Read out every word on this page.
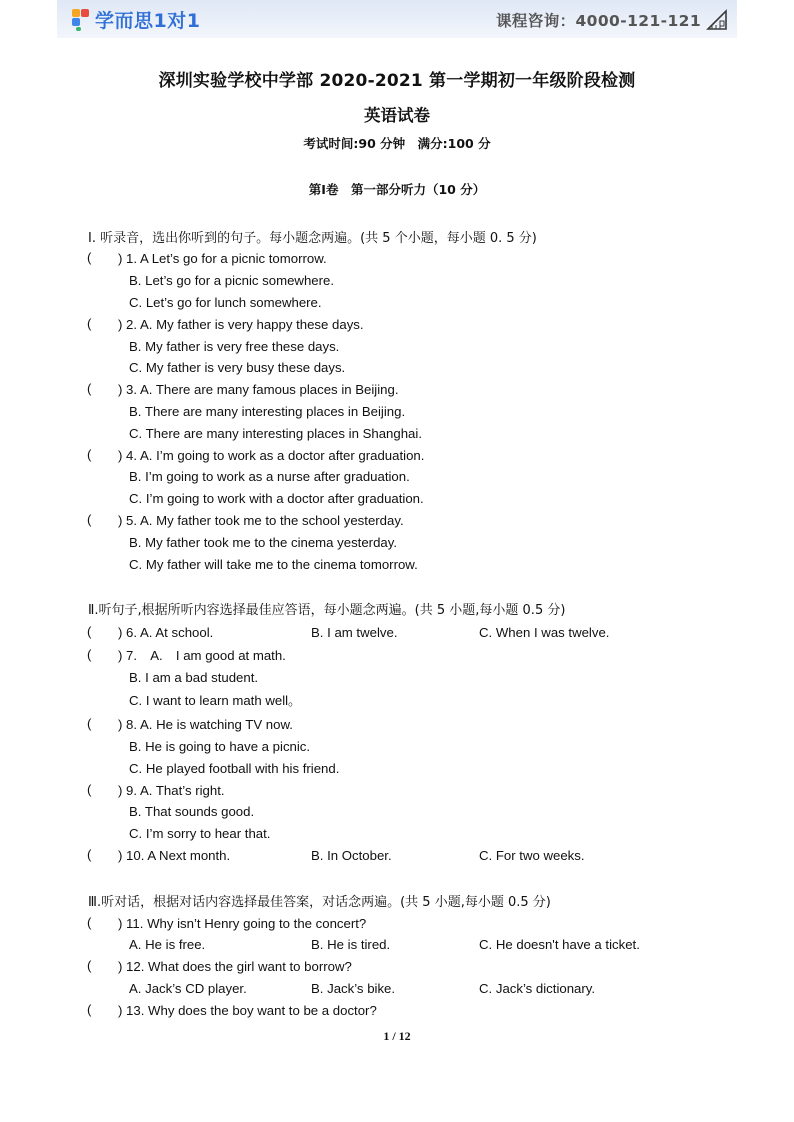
学而思1对1	课程咨询：4000-121-121
深圳实验学校中学部 2020-2021 第一学期初一年级阶段检测
英语试卷
考试时间:90 分钟　满分:100 分
第Ⅰ卷　第一部分听力（10 分）
Ⅰ. 听录音，选出你听到的句子。每小题念两遍。(共 5 个小题，每小题 0. 5 分)
( ) 1. A Let’s go for a picnic tomorrow.
B. Let’s go for a picnic somewhere.
C. Let’s go for lunch somewhere.
( ) 2. A. My father is very happy these days.
B. My father is very free these days.
C. My father is very busy these days.
( ) 3. A. There are many famous places in Beijing.
B. There are many interesting places in Beijing.
C. There are many interesting places in Shanghai.
( ) 4. A. I’m going to work as a doctor after graduation.
B. I’m going to work as a nurse after graduation.
C. I’m going to work with a doctor after graduation.
( ) 5. A. My father took me to the school yesterday.
B. My father took me to the cinema yesterday.
C. My father will take me to the cinema tomorrow.
Ⅱ.听句子,根据所听内容选择最佳应答语，每小题念两遍。(共 5 小题,每小题 0.5 分)
( ) 6. A. At school.	B. I am twelve.	C. When I was twelve.
( ) 7.　A.　I am good at math.
B. I am a bad student.
C. I want to learn math well。
( ) 8. A. He is watching TV now.
B. He is going to have a picnic.
C. He played football with his friend.
( ) 9. A. That’s right.
B. That sounds good.
C. I’m sorry to hear that.
( ) 10. A Next month.	B. In October.	C. For two weeks.
Ⅲ.听对话，根据对话内容选择最佳答案，对话念两遍。(共 5 小题,每小题 0.5 分)
( ) 11. Why isn’t Henry going to the concert?
A. He is free.	B. He is tired.	C. He doesn't have a ticket.
( ) 12. What does the girl want to borrow?
A. Jack’s CD player.	B. Jack’s bike.	C. Jack’s dictionary.
( ) 13. Why does the boy want to be a doctor?
1 / 12
